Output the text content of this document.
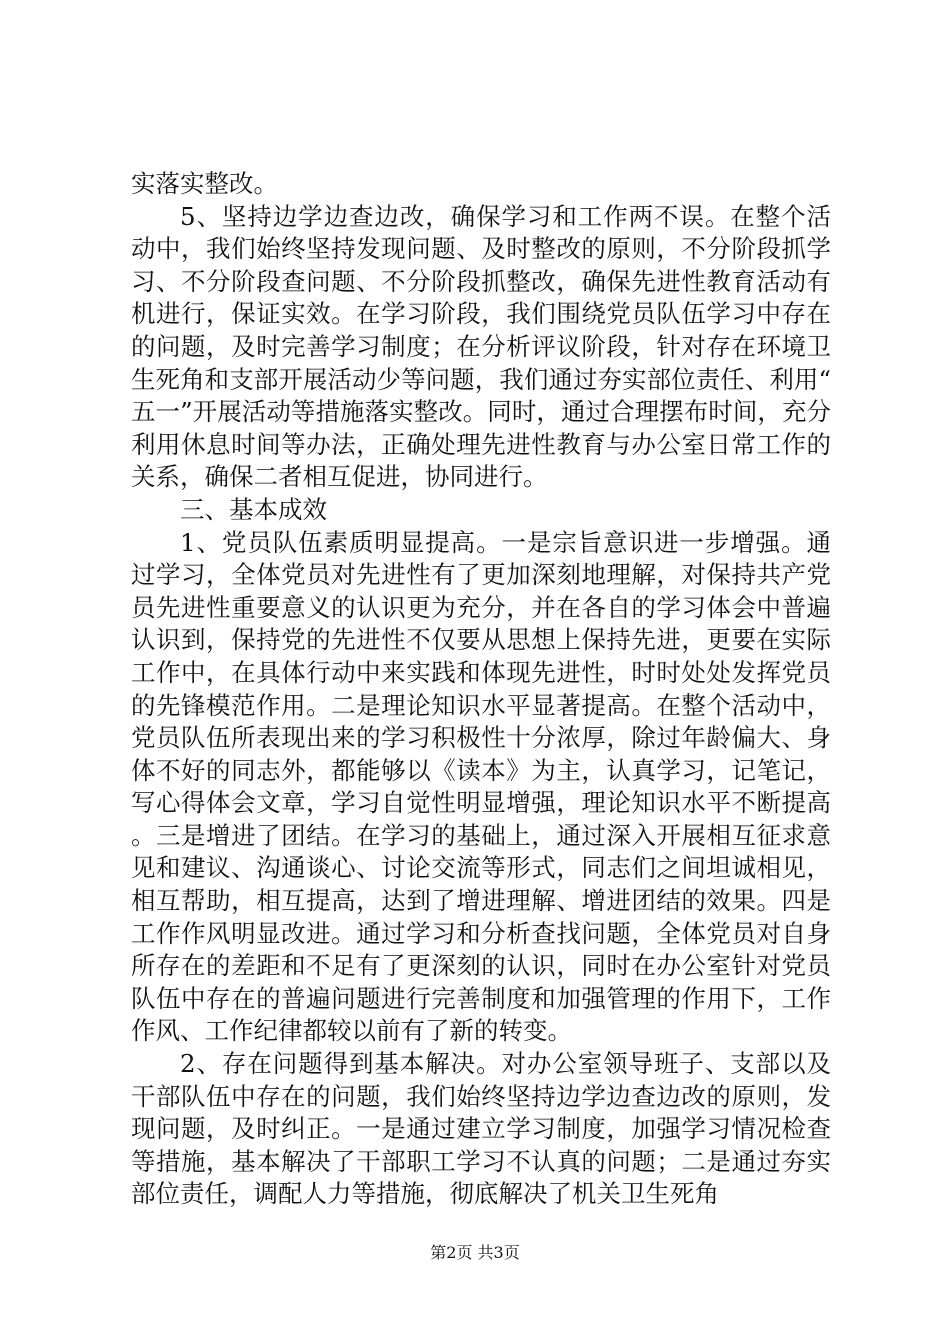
实落实整改。

5、坚持边学边查边改，确保学习和工作两不误。在整个活动中，我们始终坚持发现问题、及时整改的原则，不分阶段抓学习、不分阶段查问题、不分阶段抓整改，确保先进性教育活动有机进行，保证实效。在学习阶段，我们围绕党员队伍学习中存在的问题，及时完善学习制度；在分析评议阶段，针对存在环境卫生死角和支部开展活动少等问题，我们通过夯实部位责任、利用“五一”开展活动等措施落实整改。同时，通过合理摆布时间，充分利用休息时间等办法，正确处理先进性教育与办公室日常工作的关系，确保二者相互促进，协同进行。

三、基本成效

1、党员队伍素质明显提高。一是宗旨意识进一步增强。通过学习，全体党员对先进性有了更加深刻地理解，对保持共产党员先进性重要意义的认识更为充分，并在各自的学习体会中普遍认识到，保持党的先进性不仅要从思想上保持先进，更要在实际工作中，在具体行动中来实践和体现先进性，时时处处发挥党员的先锋模范作用。二是理论知识水平显著提高。在整个活动中，党员队伍所表现出来的学习积极性十分浓厚，除过年龄偏大、身体不好的同志外，都能够以《读本》为主，认真学习，记笔记，写心得体会文章，学习自觉性明显增强，理论知识水平不断提高。三是增进了团结。在学习的基础上，通过深入开展相互征求意见和建议、沟通谈心、讨论交流等形式，同志们之间坦诚相见，相互帮助，相互提高，达到了增进理解、增进团结的效果。四是工作作风明显改进。通过学习和分析查找问题，全体党员对自身所存在的差距和不足有了更深刻的认识，同时在办公室针对党员队伍中存在的普遍问题进行完善制度和加强管理的作用下，工作作风、工作纪律都较以前有了新的转变。

2、存在问题得到基本解决。对办公室领导班子、支部以及干部队伍中存在的问题，我们始终坚持边学边查边改的原则，发现问题，及时纠正。一是通过建立学习制度，加强学习情况检查等措施，基本解决了干部职工学习不认真的问题；二是通过夯实部位责任，调配人力等措施，彻底解决了机关卫生死角

第2页 共3页
